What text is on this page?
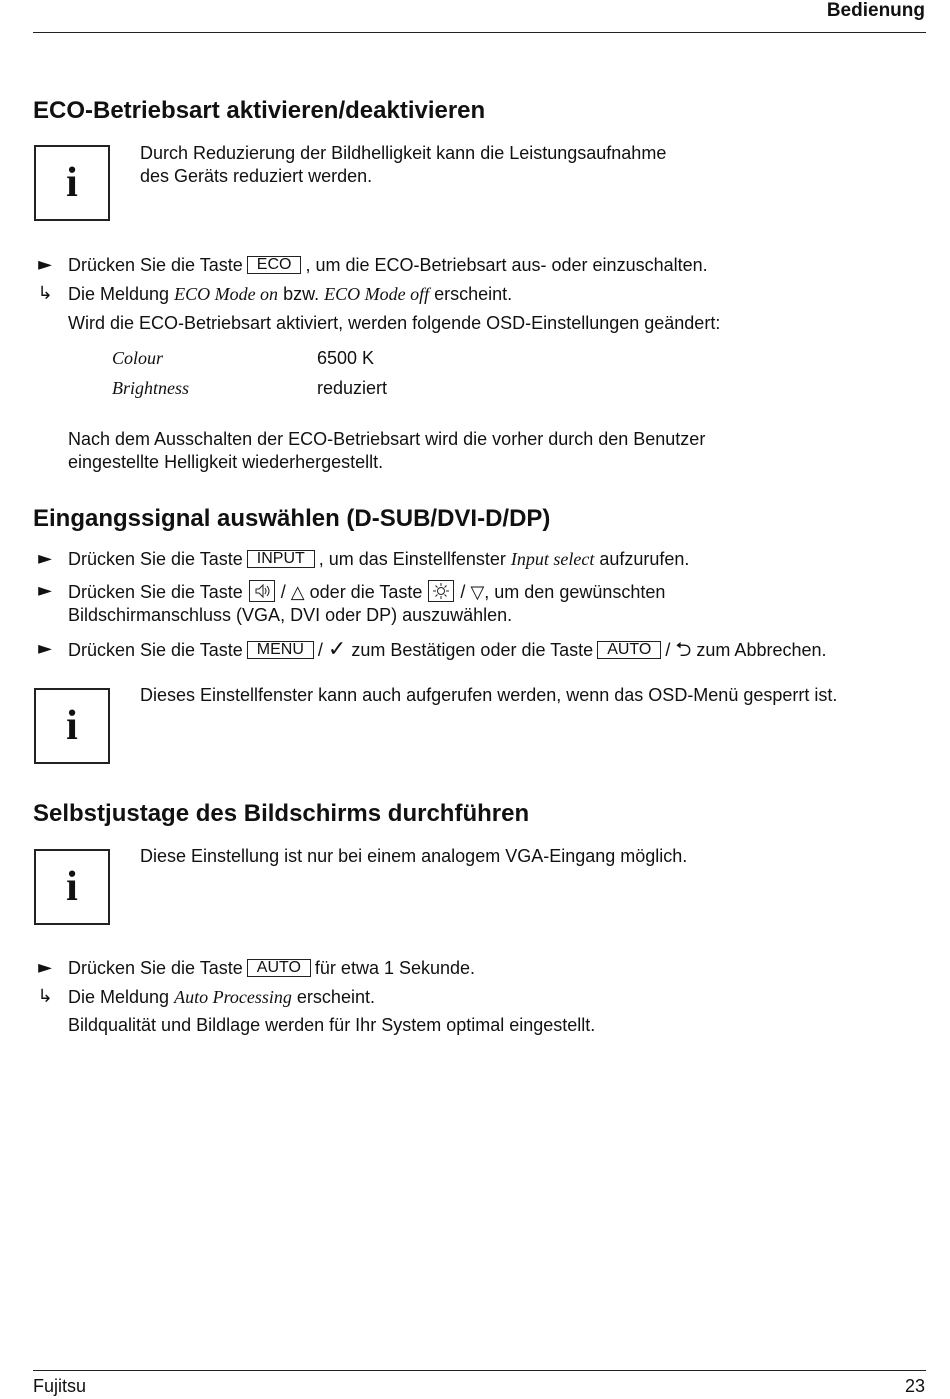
Bedienung
ECO-Betriebsart aktivieren/deaktivieren
i
Durch Reduzierung der Bildhelligkeit kann die Leistungsaufnahme
des Geräts reduziert werden.
► Drücken Sie die Taste ECO , um die ECO-Betriebsart aus- oder einzuschalten.
↳ Die Meldung ECO Mode on bzw. ECO Mode off erscheint.
Wird die ECO-Betriebsart aktiviert, werden folgende OSD-Einstellungen geändert:
Colour	6500 K
Brightness	reduziert
Nach dem Ausschalten der ECO-Betriebsart wird die vorher durch den Benutzer
eingestellte Helligkeit wiederhergestellt.
Eingangssignal auswählen (D-SUB/DVI-D/DP)
► Drücken Sie die Taste INPUT , um das Einstellfenster Input select aufzurufen.
► Drücken Sie die Taste / △ oder die Taste / ▽, um den gewünschten
Bildschirmanschluss (VGA, DVI oder DP) auszuwählen.
► Drücken Sie die Taste MENU / ✓ zum Bestätigen oder die Taste AUTO / ⮌ zum Abbrechen.
i
Dieses Einstellfenster kann auch aufgerufen werden, wenn das OSD-Menü gesperrt ist.
Selbstjustage des Bildschirms durchführen
i
Diese Einstellung ist nur bei einem analogem VGA-Eingang möglich.
► Drücken Sie die Taste AUTO für etwa 1 Sekunde.
↳ Die Meldung Auto Processing erscheint.
Bildqualität und Bildlage werden für Ihr System optimal eingestellt.
Fujitsu	23
